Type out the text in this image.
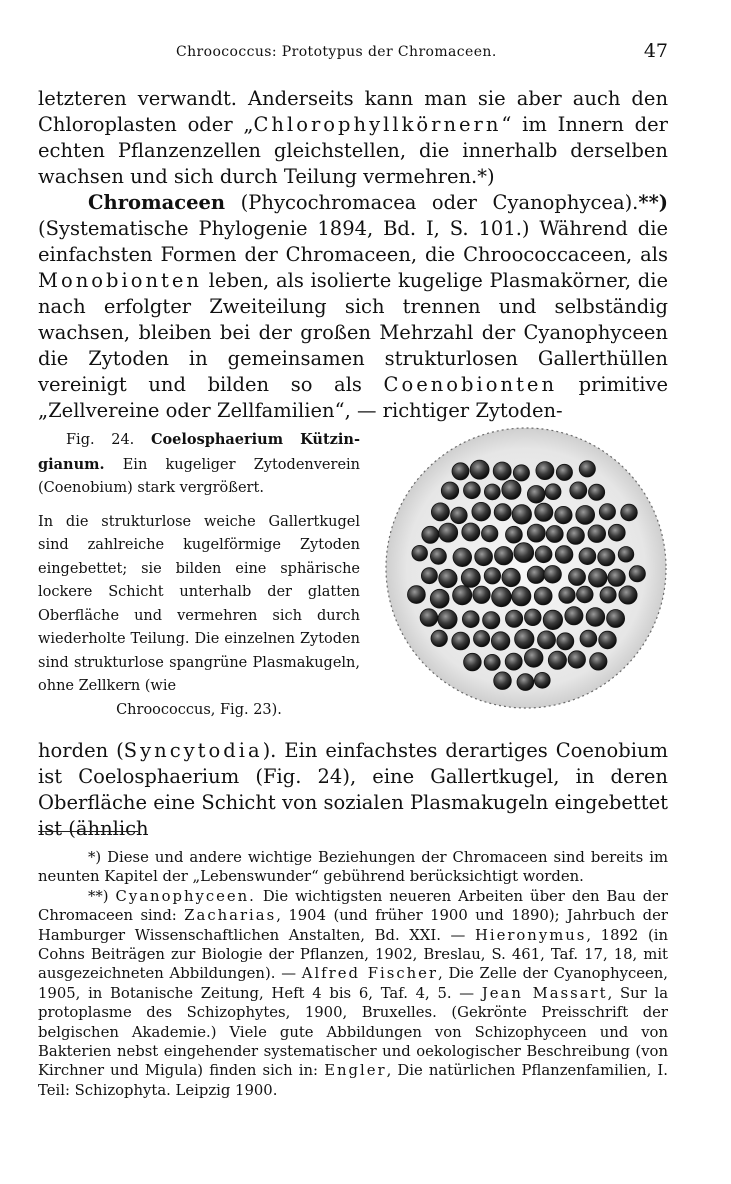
Chroococcus: Prototypus der Chromaceen.	47
letzteren verwandt. Anderseits kann man sie aber auch den Chloroplasten oder „Chlorophyllkörnern“ im Innern der echten Pflanzenzellen gleichstellen, die innerhalb derselben wachsen und sich durch Teilung vermehren.*)
Chromaceen (Phycochromacea oder Cyanophycea).**) (Systematische Phylogenie 1894, Bd. I, S. 101.) Während die einfachsten Formen der Chromaceen, die Chroococcaceen, als Monobionten leben, als isolierte kugelige Plasmakörner, die nach erfolgter Zweiteilung sich trennen und selbständig wachsen, bleiben bei der großen Mehrzahl der Cyanophyceen die Zytoden in gemeinsamen strukturlosen Gallerthüllen vereinigt und bilden so als Coenobionten primitive „Zellvereine oder Zellfamilien“, — richtiger Zytoden-
Fig. 24. Coelosphaerium Kützingianum. Ein kugeliger Zytodenverein (Coenobium) stark vergrößert.
In die strukturlose weiche Gallertkugel sind zahlreiche kugelförmige Zytoden eingebettet; sie bilden eine sphärische lockere Schicht unterhalb der glatten Oberfläche und vermehren sich durch wiederholte Teilung. Die einzelnen Zytoden sind strukturlose spangrüne Plasmakugeln, ohne Zellkern (wie
Chroococcus, Fig. 23).
horden (Syncytodia). Ein einfachstes derartiges Coenobium ist Coelosphaerium (Fig. 24), eine Gallertkugel, in deren Oberfläche eine Schicht von sozialen Plasmakugeln eingebettet ist (ähnlich
*) Diese und andere wichtige Beziehungen der Chromaceen sind bereits im neunten Kapitel der „Lebenswunder“ gebührend berücksichtigt worden.
**) Cyanophyceen. Die wichtigsten neueren Arbeiten über den Bau der Chromaceen sind: Zacharias, 1904 (und früher 1900 und 1890); Jahrbuch der Hamburger Wissenschaftlichen Anstalten, Bd. XXI. — Hieronymus, 1892 (in Cohns Beiträgen zur Biologie der Pflanzen, 1902, Breslau, S. 461, Taf. 17, 18, mit ausgezeichneten Abbildungen). — Alfred Fischer, Die Zelle der Cyanophyceen, 1905, in Botanische Zeitung, Heft 4 bis 6, Taf. 4, 5. — Jean Massart, Sur la protoplasme des Schizophytes, 1900, Bruxelles. (Gekrönte Preisschrift der belgischen Akademie.) Viele gute Abbildungen von Schizophyceen und von Bakterien nebst eingehender systematischer und oekologischer Beschreibung (von Kirchner und Migula) finden sich in: Engler, Die natürlichen Pflanzenfamilien, I. Teil: Schizophyta. Leipzig 1900.
